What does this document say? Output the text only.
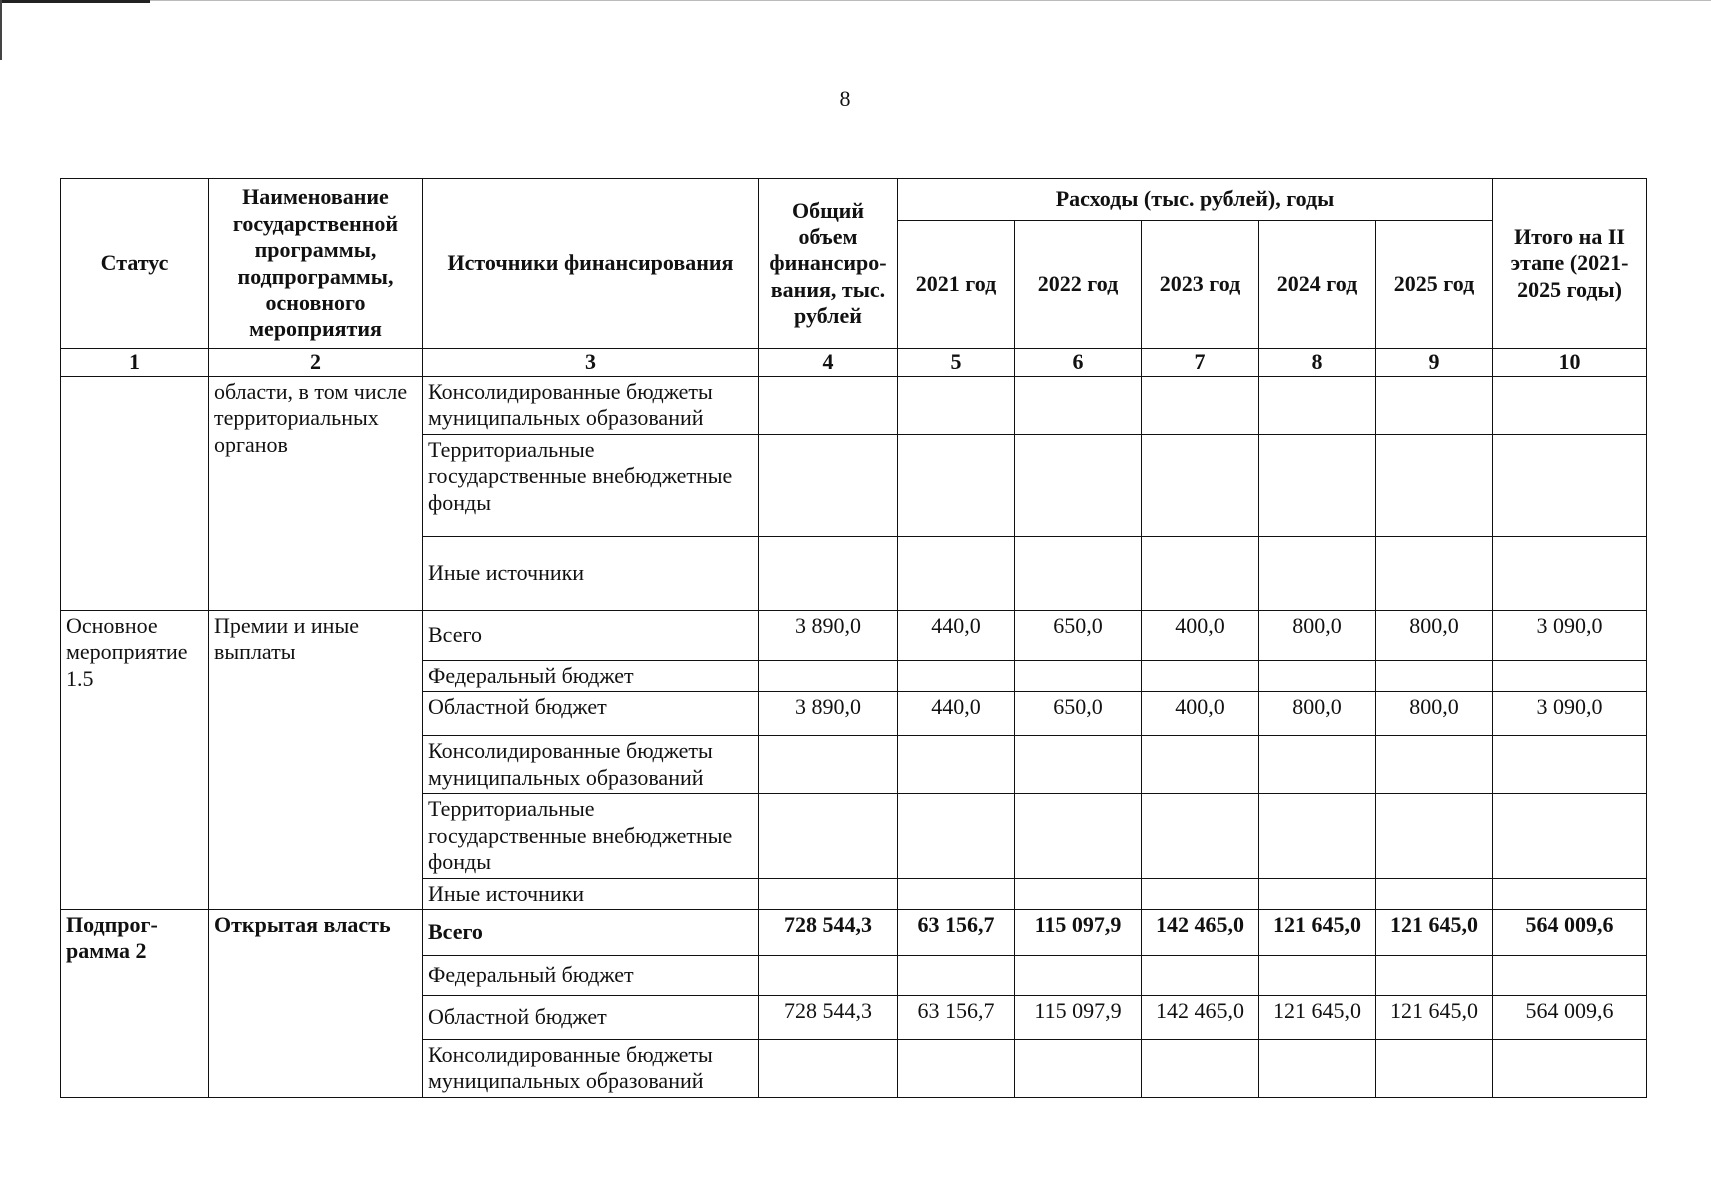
8
Статус	Наименование государственной программы, подпрограммы, основного мероприятия	Источники финансирования	Общий объем финансиро-вания, тыс. рублей	Расходы (тыс. рублей), годы					Итого на II этапе (2021-2025 годы)
				2021 год	2022 год	2023 год	2024 год	2025 год	
1	2	3	4	5	6	7	8	9	10
	области, в том числе территориальных органов	Консолидированные бюджеты муниципальных образований							
		Территориальные государственные внебюджетные фонды							
		Иные источники							
Основное мероприятие 1.5	Премии и иные выплаты	Всего	3 890,0	440,0	650,0	400,0	800,0	800,0	3 090,0
		Федеральный бюджет							
		Областной бюджет	3 890,0	440,0	650,0	400,0	800,0	800,0	3 090,0
		Консолидированные бюджеты муниципальных образований							
		Территориальные государственные внебюджетные фонды							
		Иные источники							
Подпрог-рамма 2	Открытая власть	Всего	728 544,3	63 156,7	115 097,9	142 465,0	121 645,0	121 645,0	564 009,6
		Федеральный бюджет							
		Областной бюджет	728 544,3	63 156,7	115 097,9	142 465,0	121 645,0	121 645,0	564 009,6
		Консолидированные бюджеты муниципальных образований							
